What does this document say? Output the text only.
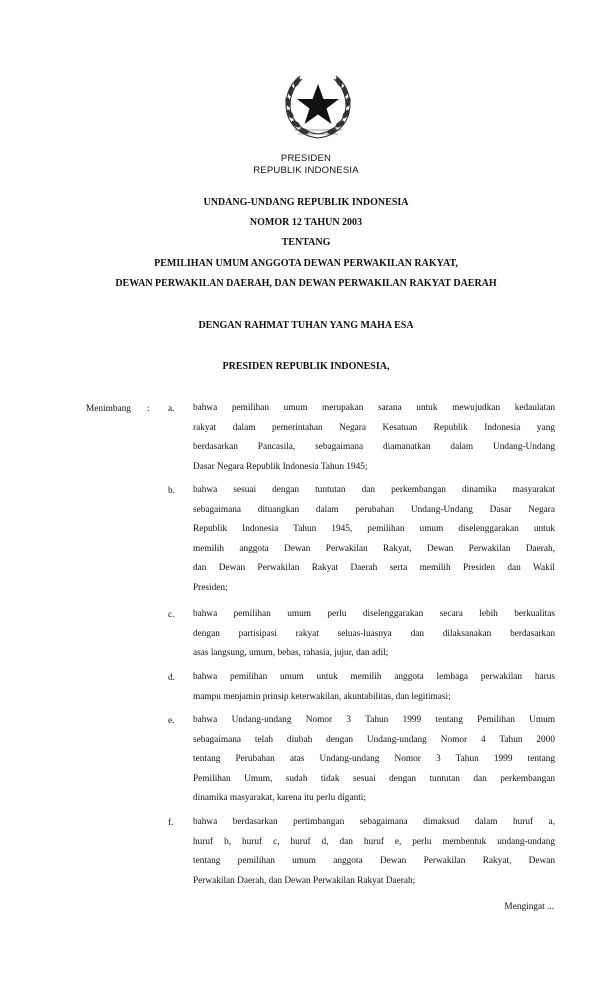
PRESIDEN
REPUBLIK INDONESIA
UNDANG-UNDANG REPUBLIK INDONESIA
NOMOR 12 TAHUN 2003
TENTANG
PEMILIHAN UMUM ANGGOTA DEWAN PERWAKILAN RAKYAT,
DEWAN PERWAKILAN DAERAH, DAN DEWAN PERWAKILAN RAKYAT DAERAH
DENGAN RAHMAT TUHAN YANG MAHA ESA
PRESIDEN REPUBLIK INDONESIA,
Menimbang : a. bahwa pemilihan umum merupakan sarana untuk mewujudkan kedaulatan
rakyat dalam pemerintahan Negara Kesatuan Republik Indonesia yang
berdasarkan Pancasila, sebagaimana diamanatkan dalam Undang-Undang
Dasar Negara Republik Indonesia Tahun 1945;
b. bahwa sesuai dengan tuntutan dan perkembangan dinamika masyarakat
sebagaimana dituangkan dalam perubahan Undang-Undang Dasar Negara
Republik Indonesia Tahun 1945, pemilihan umum diselenggarakan untuk
memilih anggota Dewan Perwakilan Rakyat, Dewan Perwakilan Daerah,
dan Dewan Perwakilan Rakyat Daerah serta memilih Presiden dan Wakil
Presiden;
c. bahwa pemilihan umum perlu diselenggarakan secara lebih berkualitas
dengan partisipasi rakyat seluas-luasnya dan dilaksanakan berdasarkan
asas langsung, umum, bebas, rahasia, jujur, dan adil;
d. bahwa pemilihan umum untuk memilih anggota lembaga perwakilan harus
mampu menjamin prinsip keterwakilan, akuntabilitas, dan legitimasi;
e. bahwa Undang-undang Nomor 3 Tahun 1999 tentang Pemilihan Umum
sebagaimana telah diubah dengan Undang-undang Nomor 4 Tahun 2000
tentang Perubahan atas Undang-undang Nomor 3 Tahun 1999 tentang
Pemilihan Umum, sudah tidak sesuai dengan tuntutan dan perkembangan
dinamika masyarakat, karena itu perlu diganti;
f. bahwa berdasarkan pertimbangan sebagaimana dimaksud dalam huruf a,
huruf b, huruf c, huruf d, dan huruf e, perlu membentuk undang-undang
tentang pemilihan umum anggota Dewan Perwakilan Rakyat, Dewan
Perwakilan Daerah, dan Dewan Perwakilan Rakyat Daerah;
Mengingat ...
